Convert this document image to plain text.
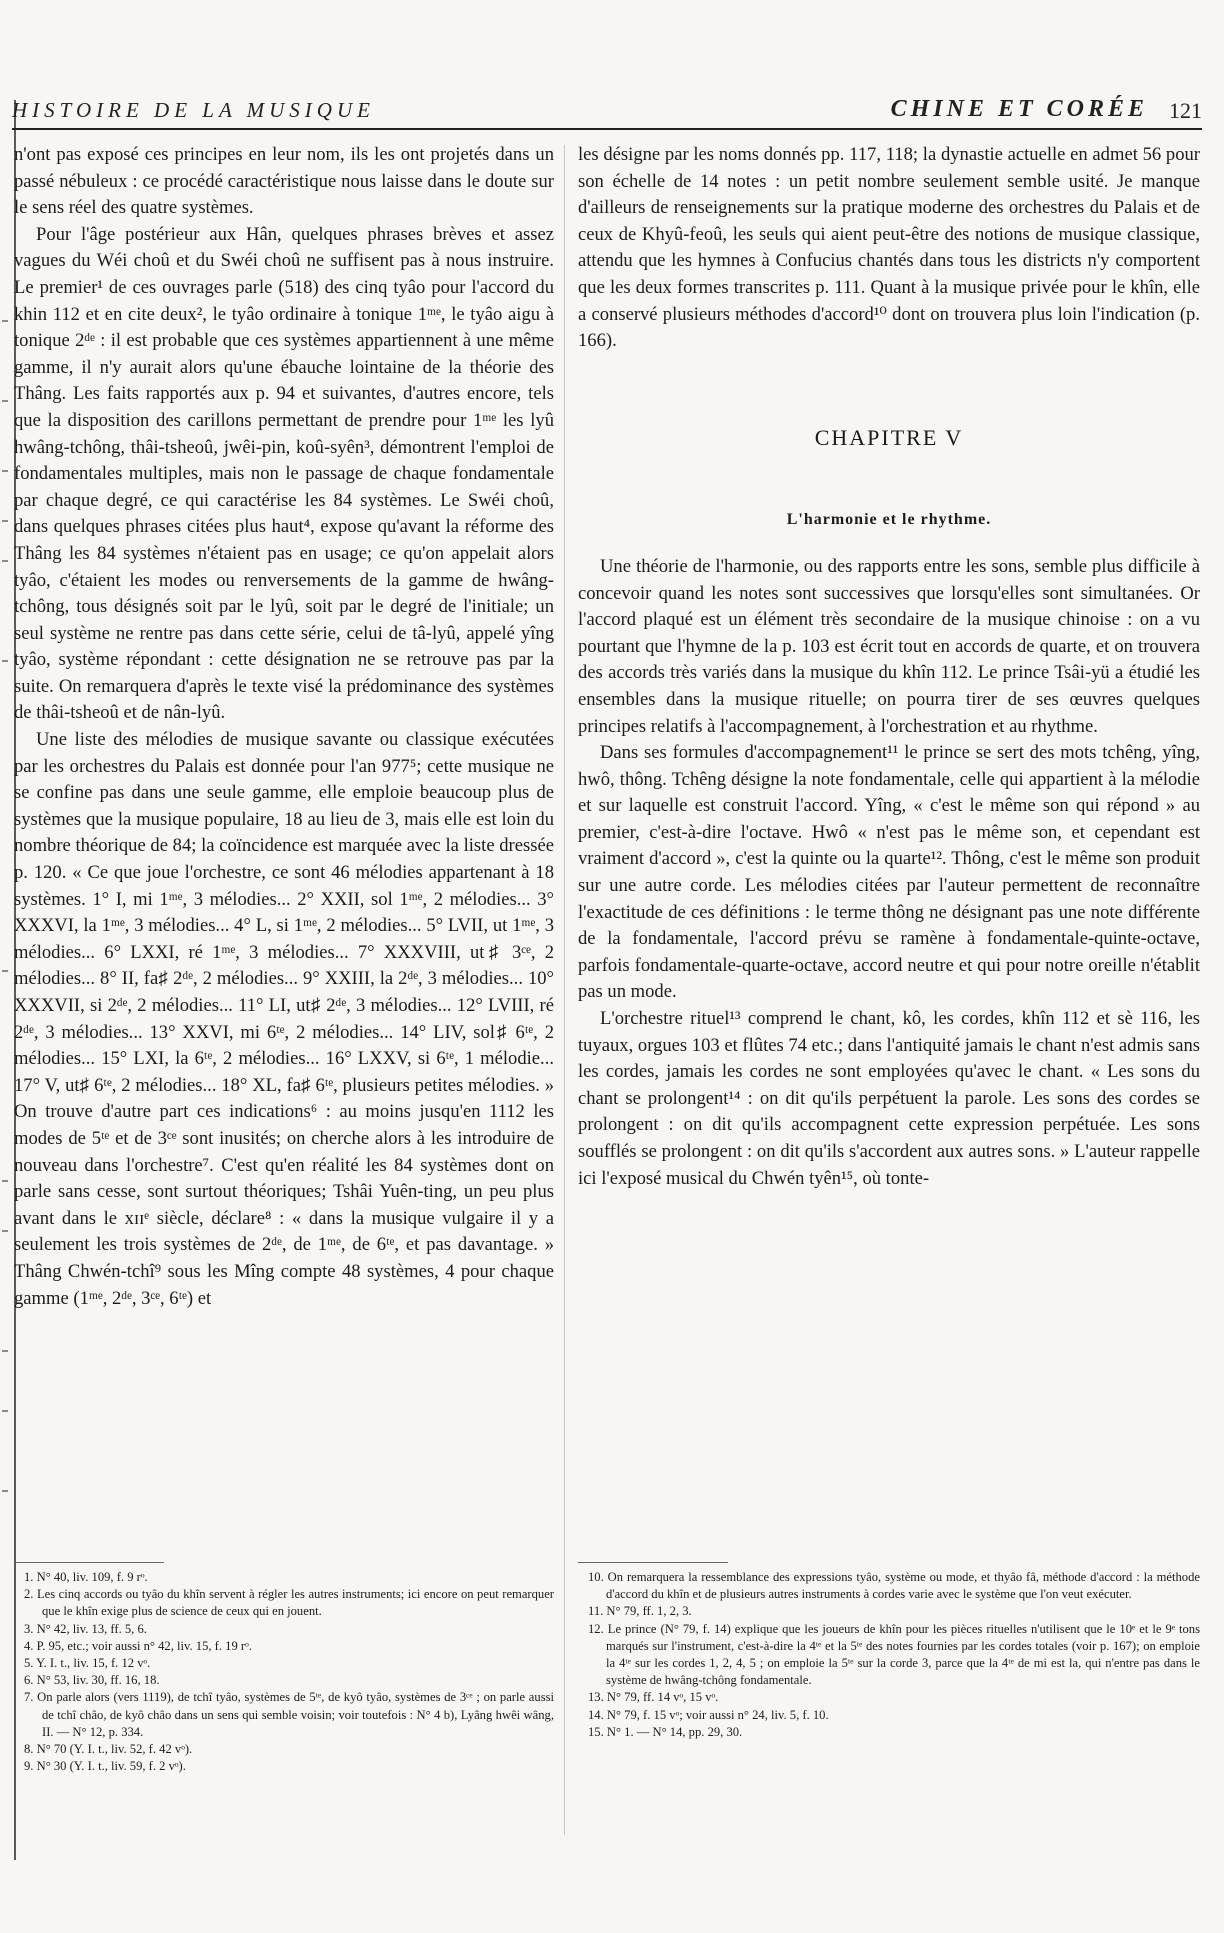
HISTOIRE DE LA MUSIQUE	CHINE ET CORÉE 121

n'ont pas exposé ces principes en leur nom, ils les ont projetés dans un passé nébuleux : ce procédé caractéristique nous laisse dans le doute sur le sens réel des quatre systèmes.

Pour l'âge postérieur aux Hân, quelques phrases brèves et assez vagues du Wéi choû et du Swéi choû ne suffisent pas à nous instruire. Le premier¹ de ces ouvrages parle (518) des cinq tyâo pour l'accord du khin 112 et en cite deux², le tyâo ordinaire à tonique 1ᵐᵉ, le tyâo aigu à tonique 2ᵈᵉ : il est probable que ces systèmes appartiennent à une même gamme, il n'y aurait alors qu'une ébauche lointaine de la théorie des Thâng. Les faits rapportés aux p. 94 et suivantes, d'autres encore, tels que la disposition des carillons permettant de prendre pour 1ᵐᵉ les lyû hwâng-tchông, thâi-tsheoû, jwêi-pin, koû-syên³, démontrent l'emploi de fondamentales multiples, mais non le passage de chaque fondamentale par chaque degré, ce qui caractérise les 84 systèmes. Le Swéi choû, dans quelques phrases citées plus haut⁴, expose qu'avant la réforme des Thâng les 84 systèmes n'étaient pas en usage; ce qu'on appelait alors tyâo, c'étaient les modes ou renversements de la gamme de hwâng-tchông, tous désignés soit par le lyû, soit par le degré de l'initiale; un seul système ne rentre pas dans cette série, celui de tâ-lyû, appelé yîng tyâo, système répondant : cette désignation ne se retrouve pas par la suite. On remarquera d'après le texte visé la prédominance des systèmes de thâi-tsheoû et de nân-lyû.

Une liste des mélodies de musique savante ou classique exécutées par les orchestres du Palais est donnée pour l'an 977⁵; cette musique ne se confine pas dans une seule gamme, elle emploie beaucoup plus de systèmes que la musique populaire, 18 au lieu de 3, mais elle est loin du nombre théorique de 84; la coïncidence est marquée avec la liste dressée p. 120. « Ce que joue l'orchestre, ce sont 46 mélodies appartenant à 18 systèmes. 1° I, mi 1ᵐᵉ, 3 mélodies... 2° XXII, sol 1ᵐᵉ, 2 mélodies... 3° XXXVI, la 1ᵐᵉ, 3 mélodies... 4° L, si 1ᵐᵉ, 2 mélodies... 5° LVII, ut 1ᵐᵉ, 3 mélodies... 6° LXXI, ré 1ᵐᵉ, 3 mélodies... 7° XXXVIII, ut♯ 3ᶜᵉ, 2 mélodies... 8° II, fa♯ 2ᵈᵉ, 2 mélodies... 9° XXIII, la 2ᵈᵉ, 3 mélodies... 10° XXXVII, si 2ᵈᵉ, 2 mélodies... 11° LI, ut♯ 2ᵈᵉ, 3 mélodies... 12° LVIII, ré 2ᵈᵉ, 3 mélodies... 13° XXVI, mi 6ᵗᵉ, 2 mélodies... 14° LIV, sol♯ 6ᵗᵉ, 2 mélodies... 15° LXI, la 6ᵗᵉ, 2 mélodies... 16° LXXV, si 6ᵗᵉ, 1 mélodie... 17° V, ut♯ 6ᵗᵉ, 2 mélodies... 18° XL, fa♯ 6ᵗᵉ, plusieurs petites mélodies. » On trouve d'autre part ces indications⁶ : au moins jusqu'en 1112 les modes de 5ᵗᵉ et de 3ᶜᵉ sont inusités; on cherche alors à les introduire de nouveau dans l'orchestre⁷. C'est qu'en réalité les 84 systèmes dont on parle sans cesse, sont surtout théoriques; Tshâi Yuên-ting, un peu plus avant dans le xɪɪᵉ siècle, déclare⁸ : « dans la musique vulgaire il y a seulement les trois systèmes de 2ᵈᵉ, de 1ᵐᵉ, de 6ᵗᵉ, et pas davantage. » Thâng Chwén-tchî⁹ sous les Mîng compte 48 systèmes, 4 pour chaque gamme (1ᵐᵉ, 2ᵈᵉ, 3ᶜᵉ, 6ᵗᵉ) et

les désigne par les noms donnés pp. 117, 118; la dynastie actuelle en admet 56 pour son échelle de 14 notes : un petit nombre seulement semble usité. Je manque d'ailleurs de renseignements sur la pratique moderne des orchestres du Palais et de ceux de Khyû-feoû, les seuls qui aient peut-être des notions de musique classique, attendu que les hymnes à Confucius chantés dans tous les districts n'y comportent que les deux formes transcrites p. 111. Quant à la musique privée pour le khîn, elle a conservé plusieurs méthodes d'accord¹⁰ dont on trouvera plus loin l'indication (p. 166).

CHAPITRE V
L'harmonie et le rhythme.

Une théorie de l'harmonie, ou des rapports entre les sons, semble plus difficile à concevoir quand les notes sont successives que lorsqu'elles sont simultanées. Or l'accord plaqué est un élément très secondaire de la musique chinoise : on a vu pourtant que l'hymne de la p. 103 est écrit tout en accords de quarte, et on trouvera des accords très variés dans la musique du khîn 112. Le prince Tsâi-yü a étudié les ensembles dans la musique rituelle; on pourra tirer de ses œuvres quelques principes relatifs à l'accompagnement, à l'orchestration et au rhythme.

Dans ses formules d'accompagnement¹¹ le prince se sert des mots tchêng, yîng, hwô, thông. Tchêng désigne la note fondamentale, celle qui appartient à la mélodie et sur laquelle est construit l'accord. Yîng, « c'est le même son qui répond » au premier, c'est-à-dire l'octave. Hwô « n'est pas le même son, et cependant est vraiment d'accord », c'est la quinte ou la quarte¹². Thông, c'est le même son produit sur une autre corde. Les mélodies citées par l'auteur permettent de reconnaître l'exactitude de ces définitions : le terme thông ne désignant pas une note différente de la fondamentale, l'accord prévu se ramène à fondamentale-quinte-octave, parfois fondamentale-quarte-octave, accord neutre et qui pour notre oreille n'établit pas un mode.

L'orchestre rituel¹³ comprend le chant, kô, les cordes, khîn 112 et sè 116, les tuyaux, orgues 103 et flûtes 74 etc.; dans l'antiquité jamais le chant n'est admis sans les cordes, jamais les cordes ne sont employées qu'avec le chant. « Les sons du chant se prolongent¹⁴ : on dit qu'ils perpétuent la parole. Les sons des cordes se prolongent : on dit qu'ils accompagnent cette expression perpétuée. Les sons soufflés se prolongent : on dit qu'ils s'accordent aux autres sons. » L'auteur rappelle ici l'exposé musical du Chwén tyên¹⁵, où tonte-

1. N° 40, liv. 109, f. 9 rᵒ.

2. Les cinq accords ou tyâo du khîn servent à régler les autres instruments; ici encore on peut remarquer que le khîn exige plus de science de ceux qui en jouent.

3. N° 42, liv. 13, ff. 5, 6.

4. P. 95, etc.; voir aussi n° 42, liv. 15, f. 19 rᵒ.

5. Y. I. t., liv. 15, f. 12 vᵒ.

6. N° 53, liv. 30, ff. 16, 18.

7. On parle alors (vers 1119), de tchî tyâo, systèmes de 5ᵗᵉ, de kyô tyâo, systèmes de 3ᶜᵉ ; on parle aussi de tchî châo, de kyô châo dans un sens qui semble voisin; voir toutefois : N° 4 b), Lyâng hwêi wâng, II. — N° 12, p. 334.

8. N° 70 (Y. I. t., liv. 52, f. 42 vᵒ).

9. N° 30 (Y. I. t., liv. 59, f. 2 vᵒ).

10. On remarquera la ressemblance des expressions tyâo, système ou mode, et thyâo fâ, méthode d'accord : la méthode d'accord du khîn et de plusieurs autres instruments à cordes varie avec le système que l'on veut exécuter.

11. N° 79, ff. 1, 2, 3.

12. Le prince (N° 79, f. 14) explique que les joueurs de khîn pour les pièces rituelles n'utilisent que le 10ᵉ et le 9ᵉ tons marqués sur l'instrument, c'est-à-dire la 4ᵗᵉ et la 5ᵗᵉ des notes fournies par les cordes totales (voir p. 167); on emploie la 4ᵗᵉ sur les cordes 1, 2, 4, 5 ; on emploie la 5ᵗᵉ sur la corde 3, parce que la 4ᵗᵉ de mi est la, qui n'entre pas dans le système de hwâng-tchông fondamentale.

13. N° 79, ff. 14 vᵒ, 15 vᵒ.

14. N° 79, f. 15 vᵒ; voir aussi n° 24, liv. 5, f. 10.

15. N° 1. — N° 14, pp. 29, 30.
